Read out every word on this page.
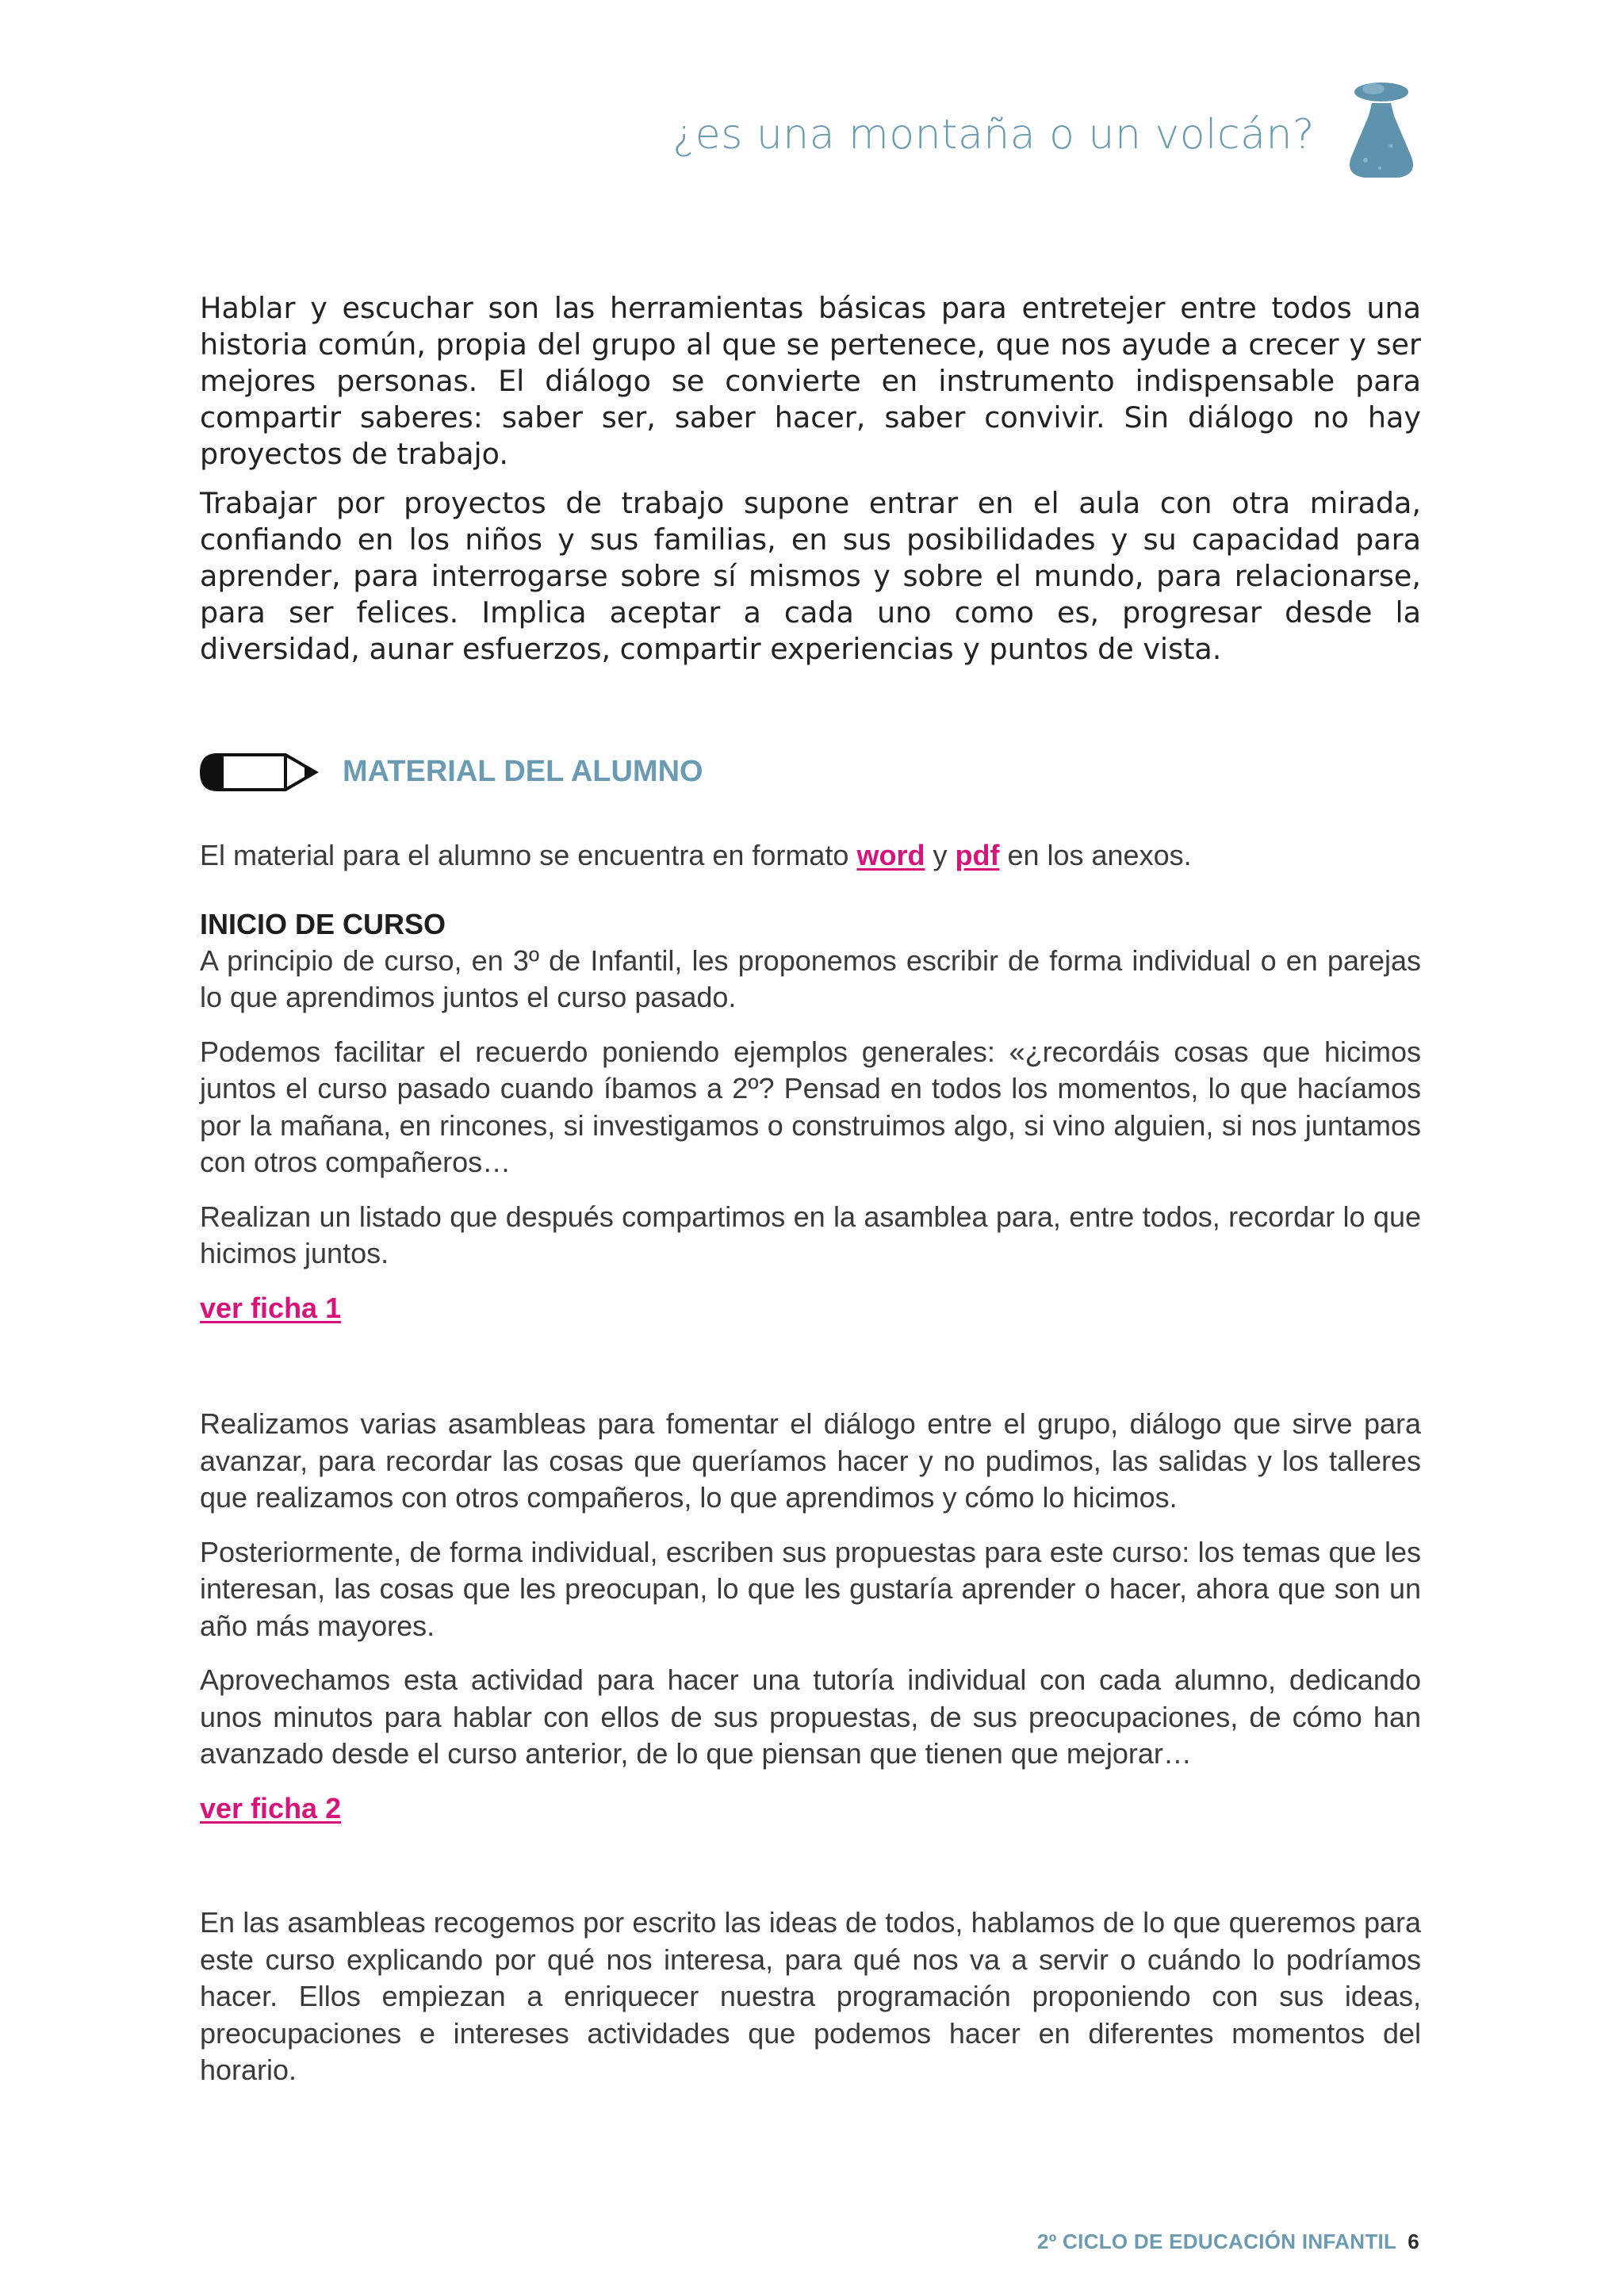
¿es una montaña o un volcán?

Hablar y escuchar son las herramientas básicas para entretejer entre todos una historia común, propia del grupo al que se pertenece, que nos ayude a crecer y ser mejores personas. El diálogo se convierte en instrumento indispensable para compartir saberes: saber ser, saber hacer, saber convivir. Sin diálogo no hay proyectos de trabajo.

Trabajar por proyectos de trabajo supone entrar en el aula con otra mirada, confiando en los niños y sus familias, en sus posibilidades y su capacidad para aprender, para interrogarse sobre sí mismos y sobre el mundo, para relacionarse, para ser felices. Implica aceptar a cada uno como es, progresar desde la diversidad, aunar esfuerzos, compartir experiencias y puntos de vista.

MATERIAL DEL ALUMNO

El material para el alumno se encuentra en formato word y pdf en los anexos.

INICIO DE CURSO

A principio de curso, en 3º de Infantil, les proponemos escribir de forma individual o en parejas lo que aprendimos juntos el curso pasado.

Podemos facilitar el recuerdo poniendo ejemplos generales: «¿recordáis cosas que hicimos juntos el curso pasado cuando íbamos a 2º? Pensad en todos los momentos, lo que hacíamos por la mañana, en rincones, si investigamos o construimos algo, si vino alguien, si nos juntamos con otros compañeros…

Realizan un listado que después compartimos en la asamblea para, entre todos, recordar lo que hicimos juntos.

ver ficha 1

Realizamos varias asambleas para fomentar el diálogo entre el grupo, diálogo que sirve para avanzar, para recordar las cosas que queríamos hacer y no pudimos, las salidas y los talleres que realizamos con otros compañeros, lo que aprendimos y cómo lo hicimos.

Posteriormente, de forma individual, escriben sus propuestas para este curso: los temas que les interesan, las cosas que les preocupan, lo que les gustaría aprender o hacer, ahora que son un año más mayores.

Aprovechamos esta actividad para hacer una tutoría individual con cada alumno, dedicando unos minutos para hablar con ellos de sus propuestas, de sus preocupaciones, de cómo han avanzado desde el curso anterior, de lo que piensan que tienen que mejorar…

ver ficha 2

En las asambleas recogemos por escrito las ideas de todos, hablamos de lo que queremos para este curso explicando por qué nos interesa, para qué nos va a servir o cuándo lo podríamos hacer. Ellos empiezan a enriquecer nuestra programación proponiendo con sus ideas, preocupaciones e intereses actividades que podemos hacer en diferentes momentos del horario.

2º CICLO DE EDUCACIÓN INFANTIL 6
